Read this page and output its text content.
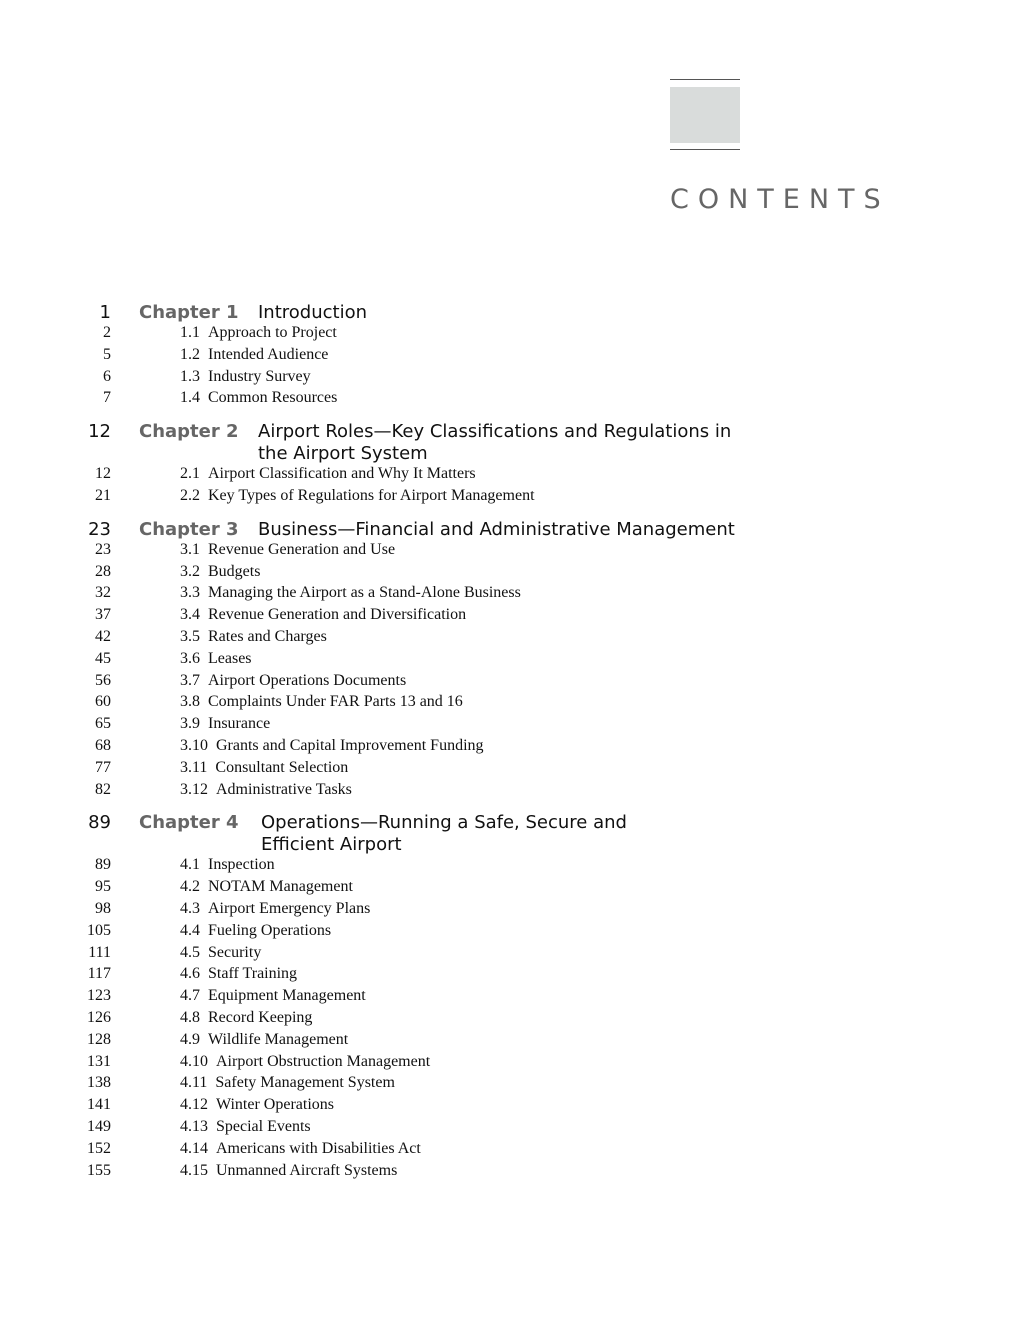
CONTENTS
1 Chapter 1 Introduction
2	1.1 Approach to Project
5	1.2 Intended Audience
6	1.3 Industry Survey
7	1.4 Common Resources
12 Chapter 2 Airport Roles—Key Classifications and Regulations in the Airport System
12	2.1 Airport Classification and Why It Matters
21	2.2 Key Types of Regulations for Airport Management
23 Chapter 3 Business—Financial and Administrative Management
23	3.1 Revenue Generation and Use
28	3.2 Budgets
32	3.3 Managing the Airport as a Stand-Alone Business
37	3.4 Revenue Generation and Diversification
42	3.5 Rates and Charges
45	3.6 Leases
56	3.7 Airport Operations Documents
60	3.8 Complaints Under FAR Parts 13 and 16
65	3.9 Insurance
68	3.10 Grants and Capital Improvement Funding
77	3.11 Consultant Selection
82	3.12 Administrative Tasks
89 Chapter 4 Operations—Running a Safe, Secure and Efficient Airport
89	4.1 Inspection
95	4.2 NOTAM Management
98	4.3 Airport Emergency Plans
105	4.4 Fueling Operations
111	4.5 Security
117	4.6 Staff Training
123	4.7 Equipment Management
126	4.8 Record Keeping
128	4.9 Wildlife Management
131	4.10 Airport Obstruction Management
138	4.11 Safety Management System
141	4.12 Winter Operations
149	4.13 Special Events
152	4.14 Americans with Disabilities Act
155	4.15 Unmanned Aircraft Systems
